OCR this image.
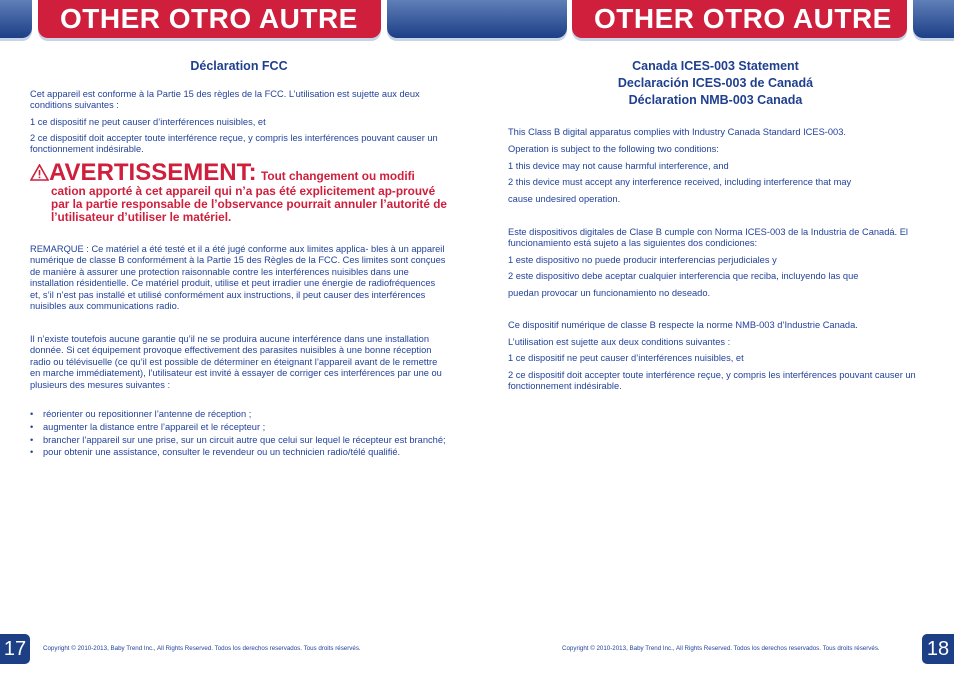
OTHER OTRO AUTRE	OTHER OTRO AUTRE
Déclaration FCC

Cet appareil est conforme à la Partie 15 des règles de la FCC. L’utilisation est sujette aux deux conditions suivantes :

1 ce dispositif ne peut causer d’interférences nuisibles, et

2 ce dispositif doit accepter toute interférence reçue, y compris les interférences pouvant causer un fonctionnement indésirable.

AVERTISSEMENT: Tout changement ou modifi

cation apporté à cet appareil qui n’a pas été explicitement ap-prouvé par la partie responsable de l’observance pourrait annuler l’autorité de l’utilisateur d’utiliser le matériel.

REMARQUE : Ce matériel a été testé et il a été jugé conforme aux limites applica- bles à un appareil numérique de classe B conformément à la Partie 15 des Règles de la FCC. Ces limites sont conçues de manière à assurer une protection raisonnable contre les interférences nuisibles dans une installation résidentielle. Ce matériel produit, utilise et peut irradier une énergie de radiofréquences et, s’il n’est pas installé et utilisé conformément aux instructions, il peut causer des interférences nuisibles aux communications radio.

Il n’existe toutefois aucune garantie qu’il ne se produira aucune interférence dans une installation donnée. Si cet équipement provoque effectivement des parasites nuisibles à une bonne réception radio ou télévisuelle (ce qu’il est possible de déterminer en éteignant l’appareil avant de le remettre en marche immédiatement), l’utilisateur est invité à essayer de corriger ces interférences par une ou plusieurs des mesures suivantes :

• réorienter ou repositionner l’antenne de réception ;
• augmenter la distance entre l’appareil et le récepteur ;
• brancher l’appareil sur une prise, sur un circuit autre que celui sur lequel le récepteur est branché;
• pour obtenir une assistance, consulter le revendeur ou un technicien radio/télé qualifié.
17	Copyright © 2010-2013, Baby Trend Inc., All Rights Reserved. Todos los derechos reservados. Tous droits réservés.
Canada ICES-003 Statement
Declaración ICES-003 de Canadá
Déclaration NMB-003 Canada

This Class B digital apparatus complies with Industry Canada Standard ICES-003.

Operation is subject to the following two conditions:

1 this device may not cause harmful interference, and

2 this device must accept any interference received, including interference that may

cause undesired operation.

Este dispositivos digitales de Clase B cumple con Norma ICES-003 de la Industria de Canadá. El funcionamiento está sujeto a las siguientes dos condiciones:

1 este dispositivo no puede producir interferencias perjudiciales y

2 este dispositivo debe aceptar cualquier interferencia que reciba, incluyendo las que

puedan provocar un funcionamiento no deseado.

Ce dispositif numérique de classe B respecte la norme NMB-003 d’Industrie Canada.

L’utilisation est sujette aux deux conditions suivantes :

1 ce dispositif ne peut causer d’interférences nuisibles, et

2 ce dispositif doit accepter toute interférence reçue, y compris les interférences pouvant causer un fonctionnement indésirable.

Copyright © 2010-2013, Baby Trend Inc., All Rights Reserved. Todos los derechos reservados. Tous droits réservés. 18
